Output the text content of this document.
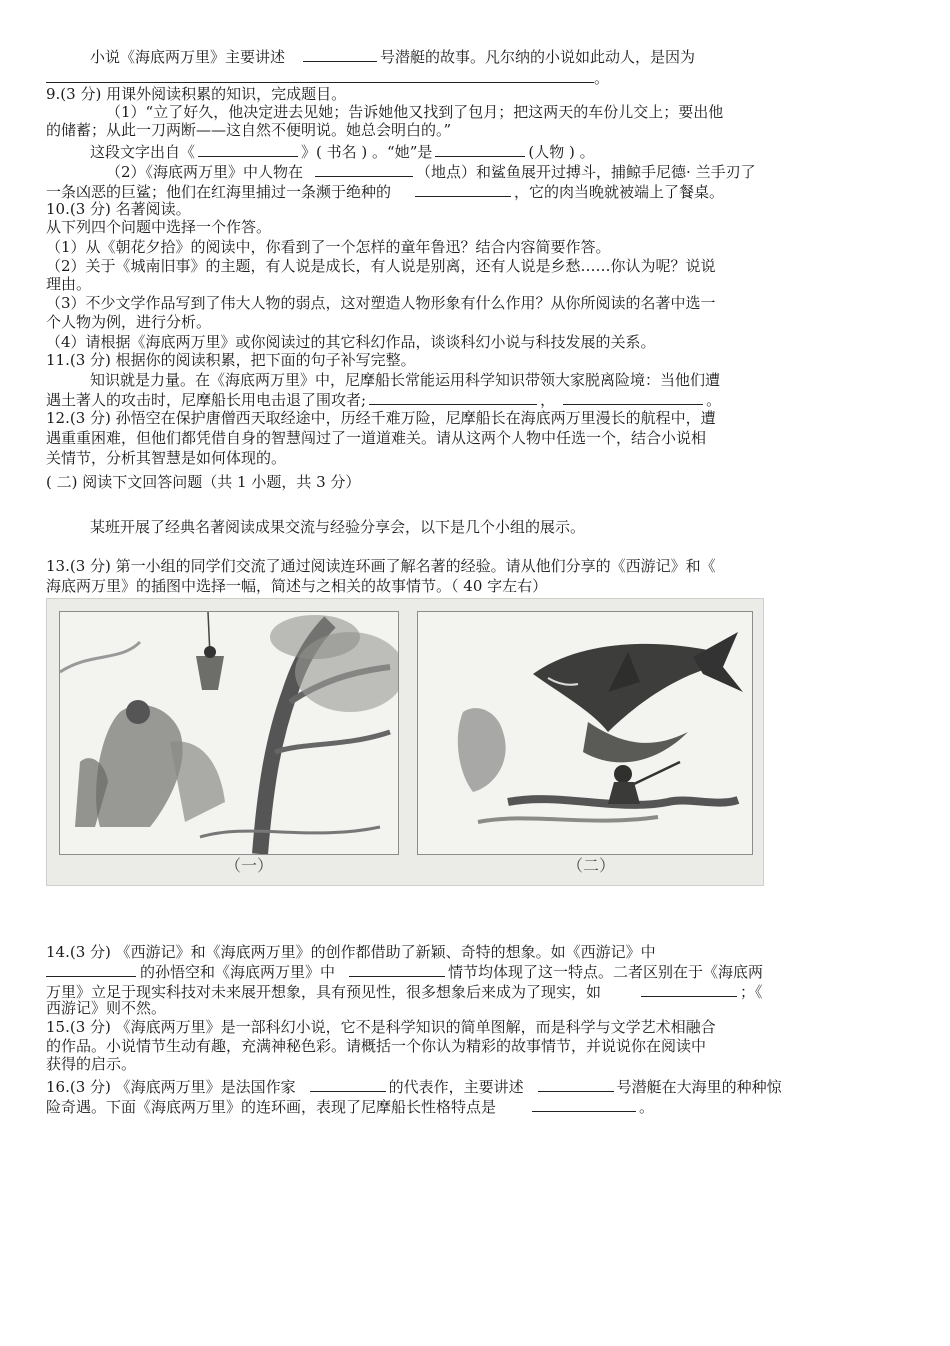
小说《海底两万里》主要讲述	号潜艇的故事。凡尔纳的小说如此动人，是因为
。
9.(3 分) 用课外阅读积累的知识，完成题目。
（1）“立了好久，他决定进去见她；告诉她他又找到了包月；把这两天的车份儿交上；要出他
的储蓄；从此一刀两断——这自然不便明说。她总会明白的。”
这段文字出自《	》( 书名 ) 。“她”是	(人物 ) 。
（2）《海底两万里》中人物在	（地点）和鲨鱼展开过搏斗，捕鲸手尼德· 兰手刃了
一条凶恶的巨鲨；他们在红海里捕过一条濒于绝种的	，它的肉当晚就被端上了餐桌。
10.(3 分) 名著阅读。
从下列四个问题中选择一个作答。
（1）从《朝花夕拾》的阅读中，你看到了一个怎样的童年鲁迅？结合内容简要作答。
（2）关于《城南旧事》的主题，有人说是成长，有人说是别离，还有人说是乡愁……你认为呢？说说
理由。
（3）不少文学作品写到了伟大人物的弱点，这对塑造人物形象有什么作用？从你所阅读的名著中选一
个人物为例，进行分析。
（4）请根据《海底两万里》或你阅读过的其它科幻作品，谈谈科幻小说与科技发展的关系。
11.(3 分) 根据你的阅读积累，把下面的句子补写完整。
知识就是力量。在《海底两万里》中，尼摩船长常能运用科学知识带领大家脱离险境：当他们遭
遇土著人的攻击时，尼摩船长用电击退了围攻者;	，	。
12.(3 分) 孙悟空在保护唐僧西天取经途中，历经千难万险，尼摩船长在海底两万里漫长的航程中，遭
遇重重困难，但他们都凭借自身的智慧闯过了一道道难关。请从这两个人物中任选一个，结合小说相
关情节，分析其智慧是如何体现的。
( 二) 阅读下文回答问题（共 1 小题，共 3 分）
某班开展了经典名著阅读成果交流与经验分享会，以下是几个小组的展示。
13.(3 分) 第一小组的同学们交流了通过阅读连环画了解名著的经验。请从他们分享的《西游记》和《
海底两万里》的插图中选择一幅，简述与之相关的故事情节。（ 40 字左右）
（一）	（二）
14.(3 分) 《西游记》和《海底两万里》的创作都借助了新颖、奇特的想象。如《西游记》中
的孙悟空和《海底两万里》中	情节均体现了这一特点。二者区别在于《海底两
万里》立足于现实科技对未来展开想象，具有预见性，很多想象后来成为了现实，如	；《
西游记》则不然。
15.(3 分) 《海底两万里》是一部科幻小说，它不是科学知识的简单图解，而是科学与文学艺术相融合
的作品。小说情节生动有趣，充满神秘色彩。请概括一个你认为精彩的故事情节，并说说你在阅读中
获得的启示。
16.(3 分) 《海底两万里》是法国作家	的代表作，主要讲述	号潜艇在大海里的种种惊
险奇遇。下面《海底两万里》的连环画，表现了尼摩船长性格特点是	。
